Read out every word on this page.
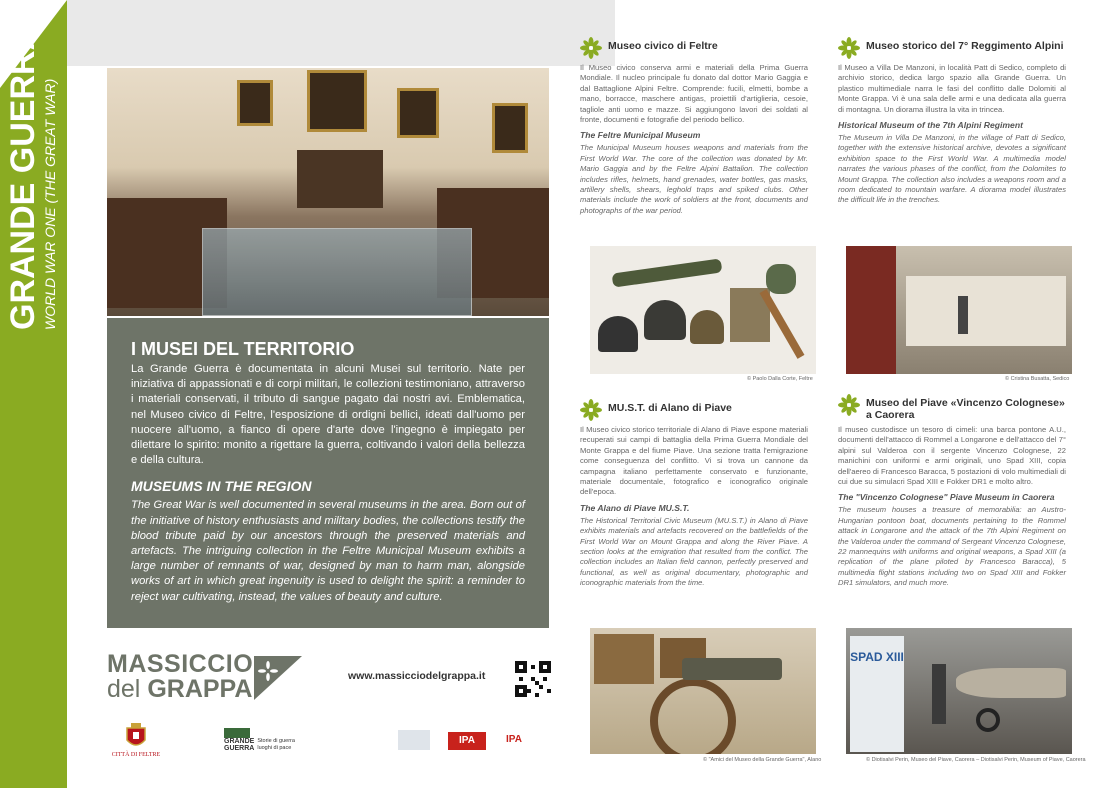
GRANDE GUERRA WORLD WAR ONE (THE GREAT WAR)
I MUSEI DEL TERRITORIO

La Grande Guerra è documentata in alcuni Musei sul territorio. Nate per iniziativa di appassionati e di corpi militari, le collezioni testimoniano, attraverso i materiali conservati, il tributo di sangue pagato dai nostri avi. Emblematica, nel Museo civico di Feltre, l'esposizione di ordigni bellici, ideati dall'uomo per nuocere all'uomo, a fianco di opere d'arte dove l'ingegno è impiegato per dilettare lo spirito: monito a rigettare la guerra, coltivando i valori della bellezza e della cultura.

MUSEUMS IN THE REGION

The Great War is well documented in several museums in the area. Born out of the initiative of history enthusiasts and military bodies, the collections testify the blood tribute paid by our ancestors through the preserved materials and artefacts. The intriguing collection in the Feltre Municipal Museum exhibits a large number of remnants of war, designed by man to harm man, alongside works of art in which great ingenuity is used to delight the spirit: a reminder to reject war cultivating, instead, the values of beauty and culture.

Museo civico di Feltre

Il Museo civico conserva armi e materiali della Prima Guerra Mondiale. Il nucleo principale fu donato dal dottor Mario Gaggia e dal Battaglione Alpini Feltre. Comprende: fucili, elmetti, bombe a mano, borracce, maschere antigas, proiettili d'artiglieria, cesoie, tagliole anti uomo e mazze. Si aggiungono lavori dei soldati al fronte, documenti e fotografie del periodo bellico.

The Feltre Municipal Museum

The Municipal Museum houses weapons and materials from the First World War. The core of the collection was donated by Mr. Mario Gaggia and by the Feltre Alpini Battalion. The collection includes rifles, helmets, hand grenades, water bottles, gas masks, artillery shells, shears, leghold traps and spiked clubs. Other materials include the work of soldiers at the front, documents and photographs of the war period.

© Paolo Dalla Corte, Feltre
Museo storico del 7° Reggimento Alpini

Il Museo a Villa De Manzoni, in località Patt di Sedico, completo di archivio storico, dedica largo spazio alla Grande Guerra. Un plastico multimediale narra le fasi del conflitto dalle Dolomiti al Monte Grappa. Vi è una sala delle armi e una dedicata alla guerra di montagna. Un diorama illustra la vita in trincea.

Historical Museum of the 7th Alpini Regiment

The Museum in Villa De Manzoni, in the village of Patt di Sedico, together with the extensive historical archive, devotes a significant exhibition space to the First World War. A multimedia model narrates the various phases of the conflict, from the Dolomites to Mount Grappa. The collection also includes a weapons room and a room dedicated to mountain warfare. A diorama model illustrates the difficult life in the trenches.

© Cristina Busatta, Sedico
MU.S.T. di Alano di Piave

Il Museo civico storico territoriale di Alano di Piave espone materiali recuperati sui campi di battaglia della Prima Guerra Mondiale del Monte Grappa e del fiume Piave. Una sezione tratta l'emigrazione come conseguenza del conflitto. Vi si trova un cannone da campagna italiano perfettamente conservato e funzionante, materiale documentale, fotografico e iconografico originale dell'epoca.

The Alano di Piave MU.S.T.

The Historical Territorial Civic Museum (MU.S.T.) in Alano di Piave exhibits materials and artefacts recovered on the battlefields of the First World War on Mount Grappa and along the River Piave. A section looks at the emigration that resulted from the conflict. The collection includes an Italian field cannon, perfectly preserved and functional, as well as original documentary, photographic and iconographic materials from the time.

© "Amici del Museo della Grande Guerra", Alano
Museo del Piave «Vincenzo Colognese» a Caorera

Il museo custodisce un tesoro di cimeli: una barca pontone A.U., documenti dell'attacco di Rommel a Longarone e dell'attacco del 7° alpini sul Valderoa con il sergente Vincenzo Colognese, 22 manichini con uniformi e armi originali, uno Spad XIII, copia dell'aereo di Francesco Baracca, 5 postazioni di volo multimediali di cui due su simulacri Spad XIII e Fokker DR1 e molto altro.

The "Vincenzo Colognese" Piave Museum in Caorera

The museum houses a treasure of memorabilia: an Austro-Hungarian pontoon boat, documents pertaining to the Rommel attack in Longarone and the attack of the 7th Alpini Regiment on the Valderoa under the command of Sergeant Vincenzo Colognese, 22 mannequins with uniforms and original weapons, a Spad XIII (a replication of the plane piloted by Francesco Baracca), 5 multimedia flight stations including two on Spad XIII and Fokker DR1 simulators, and much more.

SPAD XIII
© Diotisalvi Perin, Museo del Piave, Caorera – Diotisalvi Perin, Museum of Piave, Caorera
MASSICCIO
del GRAPPA	www.massicciodelgrappa.it
CITTÀ DI FELTRE
GRANDE
GUERRA
Storie di guerra luoghi di pace
IPA	IPA
